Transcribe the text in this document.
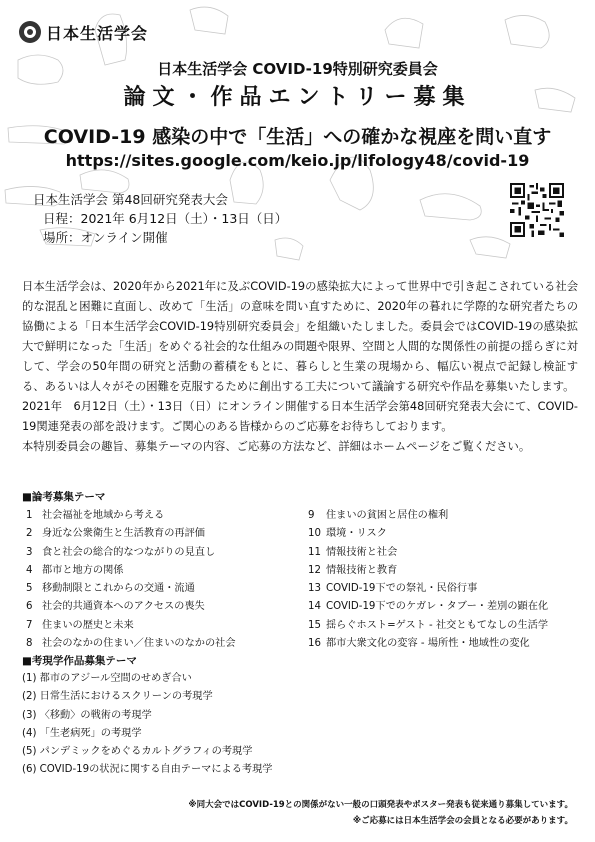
日本生活学会
日本生活学会 COVID-19特別研究委員会
論文・作品エントリー募集
COVID-19 感染の中で「生活」への確かな視座を問い直す
https://sites.google.com/keio.jp/lifology48/covid-19
日本生活学会 第48回研究発表大会
日程：2021年 6月12日（土）・13日（日）
場所：オンライン開催

日本生活学会は、2020年から2021年に及ぶCOVID-19の感染拡大によって世界中で引き起こされている社会的な混乱と困難に直面し、改めて「生活」の意味を問い直すために、2020年の暮れに学際的な研究者たちの協働による「日本生活学会COVID-19特別研究委員会」を組織いたしました。委員会ではCOVID-19の感染拡大で鮮明になった「生活」をめぐる社会的な仕組みの問題や限界、空間と人間的な関係性の前提の揺らぎに対して、学会の50年間の研究と活動の蓄積をもとに、暮らしと生業の現場から、幅広い視点で記録し検証する、あるいは人々がその困難を克服するために創出する工夫について議論する研究や作品を募集いたします。

2021年　6月12日（土）・13日（日）にオンライン開催する日本生活学会第48回研究発表大会にて、COVID-19関連発表の部を設けます。ご関心のある皆様からのご応募をお待ちしております。

本特別委員会の趣旨、募集テーマの内容、ご応募の方法など、詳細はホームページをご覧ください。

■論考募集テーマ
1 社会福祉を地域から考える
2 身近な公衆衛生と生活教育の再評価
3 食と社会の総合的なつながりの見直し
4 都市と地方の関係
5 移動制限とこれからの交通・流通
6 社会的共通資本へのアクセスの喪失
7 住まいの歴史と未来
8 社会のなかの住まい／住まいのなかの社会
9	住まいの貧困と居住の権利
10 環境・リスク
11 情報技術と社会
12 情報技術と教育
13 COVID-19下での祭礼・民俗行事
14 COVID-19下でのケガレ・タブー・差別の顕在化
15 揺らぐホスト=ゲスト - 社交ともてなしの生活学
16 都市大衆文化の変容 - 場所性・地域性の変化
■考現学作品募集テーマ
(1) 都市のアジール空間のせめぎ合い
(2) 日常生活におけるスクリーンの考現学
(3) 〈移動〉の戦術の考現学
(4) 「生老病死」の考現学
(5) パンデミックをめぐるカルトグラフィの考現学
(6) COVID-19の状況に関する自由テーマによる考現学
※同大会ではCOVID-19との関係がない一般の口頭発表やポスター発表も従来通り募集しています。
※ご応募には日本生活学会の会員となる必要があります。
